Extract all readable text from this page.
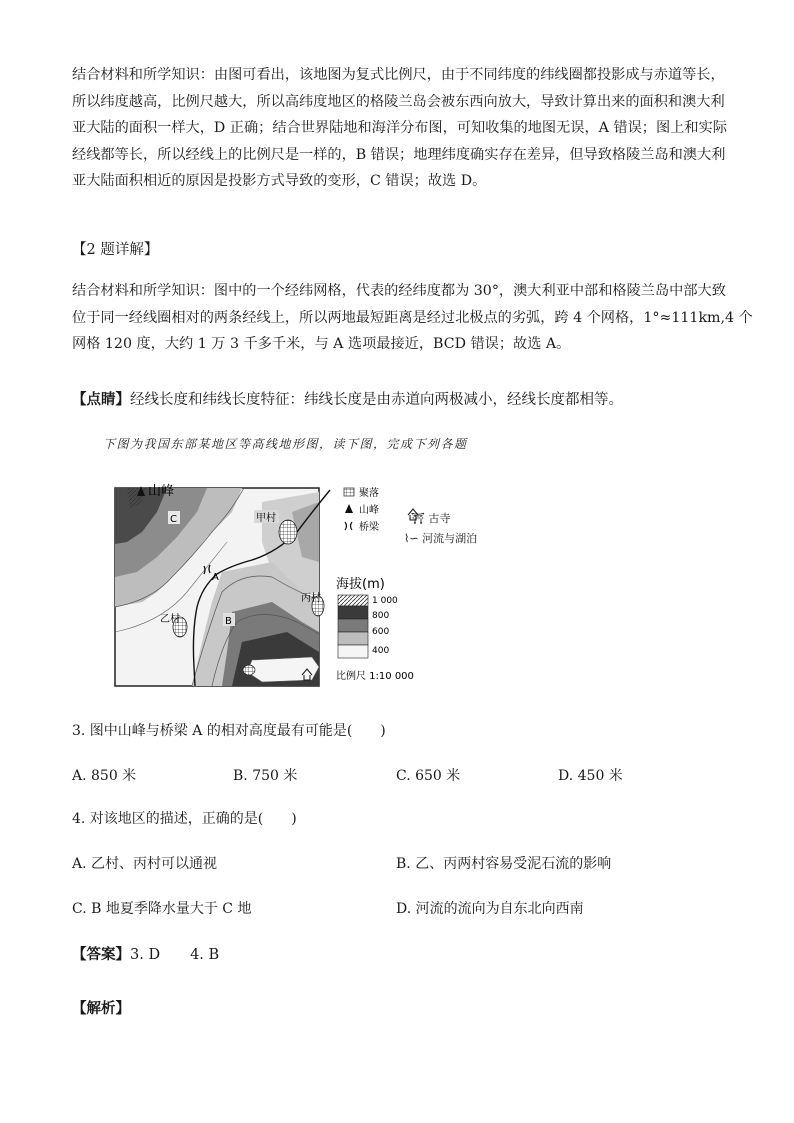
结合材料和所学知识：由图可看出，该地图为复式比例尺，由于不同纬度的纬线圈都投影成与赤道等长，
所以纬度越高，比例尺越大，所以高纬度地区的格陵兰岛会被东西向放大，导致计算出来的面积和澳大利
亚大陆的面积一样大，D 正确；结合世界陆地和海洋分布图，可知收集的地图无误，A 错误；图上和实际
经线都等长，所以经线上的比例尺是一样的，B 错误；地理纬度确实存在差异，但导致格陵兰岛和澳大利
亚大陆面积相近的原因是投影方式导致的变形，C 错误；故选 D。
【2 题详解】
结合材料和所学知识：图中的一个经纬网格，代表的经纬度都为 30°，澳大利亚中部和格陵兰岛中部大致
位于同一经线圈相对的两条经线上，所以两地最短距离是经过北极点的劣弧，跨 4 个网格，1°≈111km,4 个
网格 120 度，大约 1 万 3 千多千米，与 A 选项最接近，BCD 错误；故选 A。
【点睛】经线长度和纬线长度特征：纬线长度是由赤道向两极减小，经线长度都相等。
下图为我国东部某地区等高线地形图，读下图，完成下列各题
A
山峰
C
B
甲村
乙村
丙村
聚落
山峰
桥梁
海拔(m)
1 000
800
600
400
比例尺 1:10 000
⛩ 古寺
⌇∽ 河流与湖泊
3. 图中山峰与桥梁 A 的相对高度最有可能是(　　)
A. 850 米	B. 750 米	C. 650 米	D. 450 米
4. 对该地区的描述，正确的是(　　)
A. 乙村、丙村可以通视	B. 乙、丙两村容易受泥石流的影响
C. B 地夏季降水量大于 C 地	D. 河流的流向为自东北向西南
【答案】3. D 4. B
【解析】
